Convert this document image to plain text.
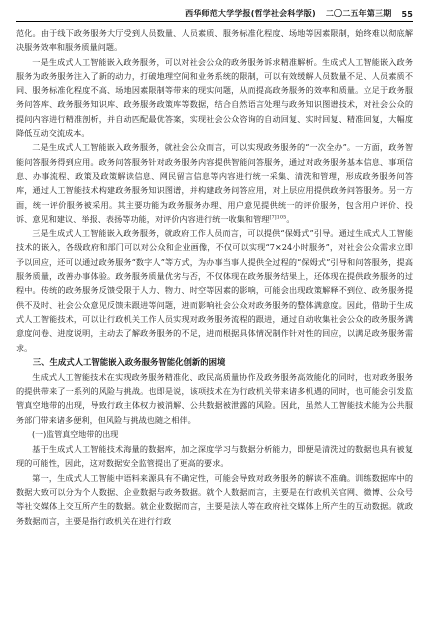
西华师范大学学报(哲学社会科学版) 二〇二五年第三期 55

范化。由于线下政务服务大厅受到人员数量、人员素质、服务标准化程度、场地等因素限制，始终难以彻底解决服务效率和服务质量问题。

一是生成式人工智能嵌入政务服务，可以对社会公众的政务服务诉求精准解析。生成式人工智能嵌入政务服务为政务服务注入了新的动力，打破地理空间和业务系统的限制，可以有效缓解人员数量不足、人员素质不同、服务标准化程度不高、场地因素限制等带来的现实问题，从而提高政务服务的效率和质量。立足于政务服务问答库、政务服务知识库、政务服务政策库等数据，结合自然语言处理与政务知识图谱技术，对社会公众的提问内容进行精准剖析，并自动匹配最优答案，实现社会公众咨询的自动回复、实时回复、精准回复，大幅度降低互动交流成本。

二是生成式人工智能嵌入政务服务，就社会公众而言，可以实现政务服务的“一次全办”。一方面，政务智能问答服务得到应用。政务问答服务针对政务服务内容提供智能问答服务，通过对政务服务基本信息、事项信息、办事流程、政策及政策解读信息、网民留言信息等内容进行统一采集、清洗和管理，形成政务服务问答库，通过人工智能技术构建政务服务知识图谱，并构建政务问答应用，对上层应用提供政务问答服务。另一方面，统一评价服务被采用。其主要功能为政务服务办理、用户意见提供统一的评价服务，包含用户评价、投诉、意见和建议、举报、表扬等功能，对评价内容进行统一收集和管理$^{[7]105}$。

三是生成式人工智能嵌入政务服务，就政府工作人员而言，可以提供“保姆式”引导。通过生成式人工智能技术的嵌入，各级政府和部门可以对公众和企业画像，不仅可以实现“7×24小时服务”，对社会公众需求立即予以回应，还可以通过政务服务“数字人”等方式，为办事当事人提供全过程的“保姆式”引导和问答服务，提高服务质量，改善办事体验。政务服务质量优劣与否，不仅体现在政务服务结果上，还体现在提供政务服务的过程中。传统的政务服务反馈受限于人力、物力、时空等因素的影响，可能会出现政策解释不到位、政务服务提供不及时、社会公众意见反馈未跟进等问题，进而影响社会公众对政务服务的整体满意度。因此，借助于生成式人工智能技术，可以让行政机关工作人员实现对政务服务流程的跟进，通过自动收集社会公众的政务服务满意度问卷、进度说明，主动去了解政务服务的不足，进而根据具体情况制作针对性的回应，以满足政务服务需求。

三、生成式人工智能嵌入政务服务智能化创新的困境

生成式人工智能技术在实现政务服务精准化、政民高质量协作及政务服务高效能化的同时，也对政务服务的提供带来了一系列的风险与挑战。也即是说，该项技术在为行政机关带来诸多机遇的同时，也可能会引发监管真空地带的出现，导致行政主体权力被消解、公共数据被泄露的风险。因此，虽然人工智能技术能为公共服务部门带来诸多便利，但风险与挑战也随之相伴。

(一)监管真空地带的出现

基于生成式人工智能技术海量的数据库，加之深度学习与数据分析能力，即便是清洗过的数据也具有被复现的可能性，因此，这对数据安全监管提出了更高的要求。

第一，生成式人工智能中语料来源具有不确定性，可能会导致对政务服务的解读不准确。训练数据库中的数据大致可以分为个人数据、企业数据与政务数据。就个人数据而言，主要是在行政机关官网、微博、公众号等社交媒体上交互所产生的数据。就企业数据而言，主要是法人等在政府社交媒体上所产生的互动数据。就政务数据而言，主要是指行政机关在进行行政
